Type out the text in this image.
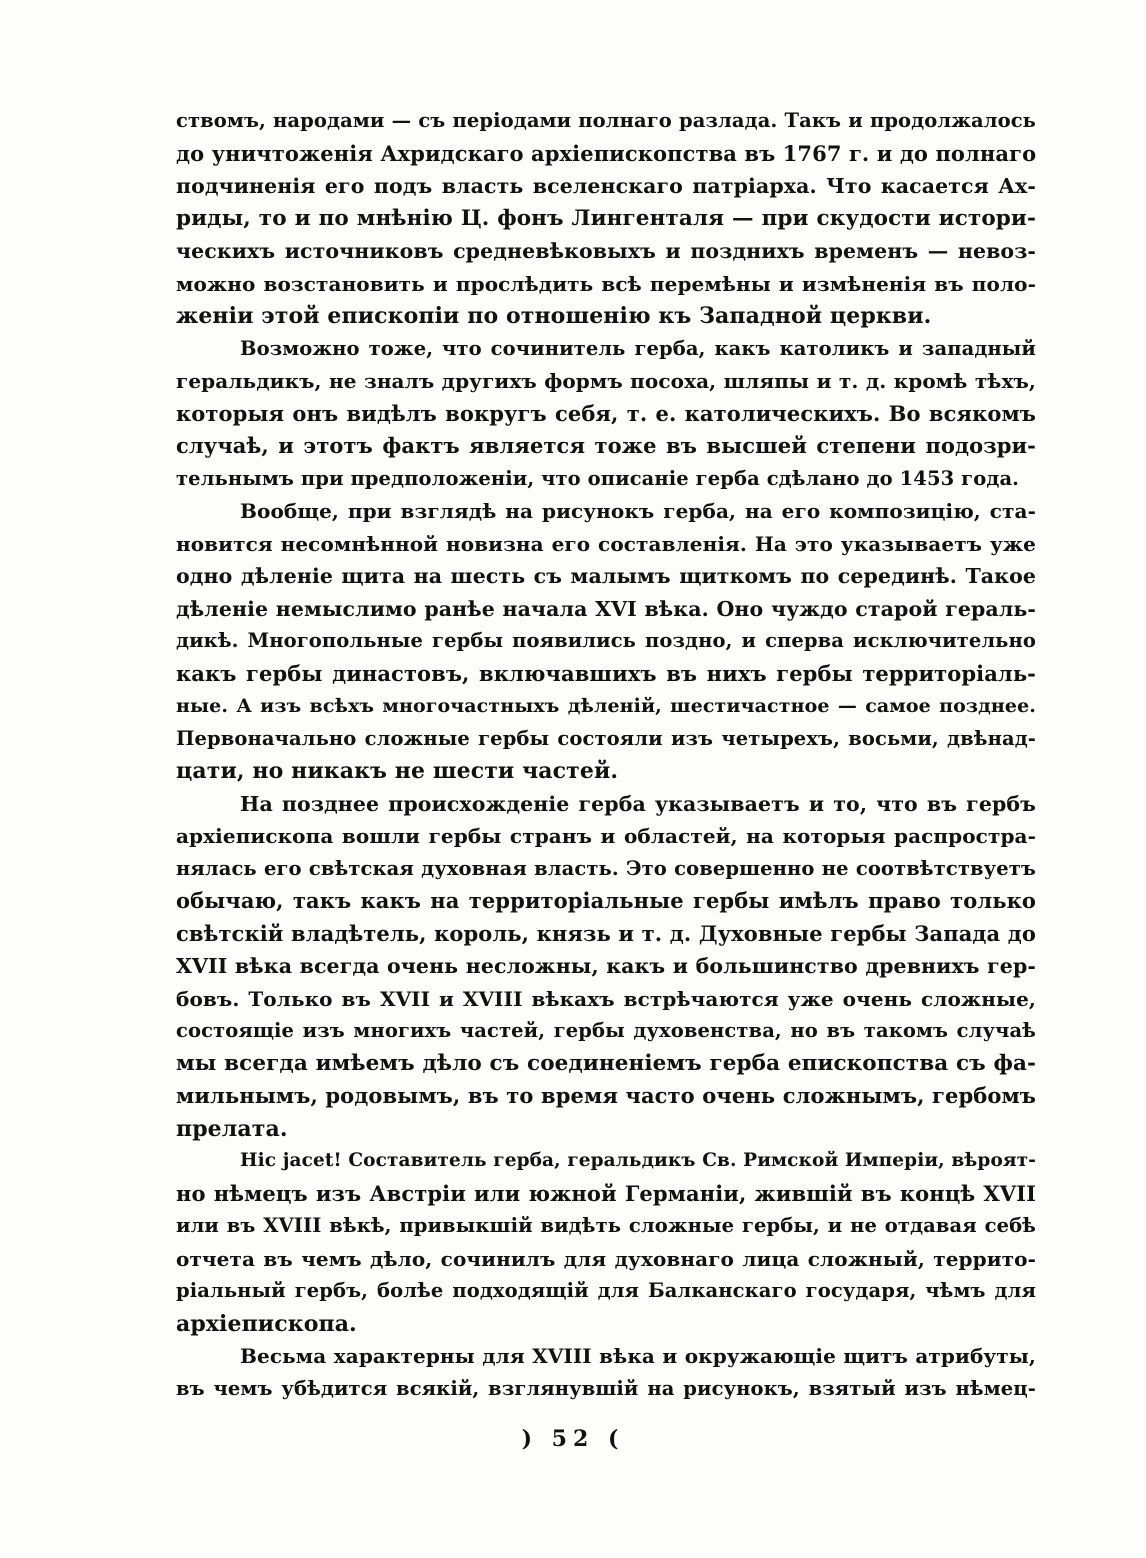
ствомъ, народами — съ періодами полнаго разлада. Такъ и продолжалось
до уничтоженія Ахридскаго архіепископства въ 1767 г. и до полнаго
подчиненія его подъ власть вселенскаго патріарха. Что касается Ах-
риды, то и по мнѣнію Ц. фонъ Лингенталя — при скудости истори-
ческихъ источниковъ средневѣковыхъ и позднихъ временъ — невоз-
можно возстановить и прослѣдить всѣ перемѣны и измѣненія въ поло-
женіи этой епископіи по отношенію къ Западной церкви.
Возможно тоже, что сочинитель герба, какъ католикъ и западный
геральдикъ, не зналъ другихъ формъ посоха, шляпы и т. д. кромѣ тѣхъ,
которыя онъ видѣлъ вокругъ себя, т. е. католическихъ. Во всякомъ
случаѣ, и этотъ фактъ является тоже въ высшей степени подозри-
тельнымъ при предположеніи, что описаніе герба сдѣлано до 1453 года.
Вообще, при взглядѣ на рисунокъ герба, на его композицію, ста-
новится несомнѣнной новизна его составленія. На это указываетъ уже
одно дѣленіе щита на шесть съ малымъ щиткомъ по серединѣ. Такое
дѣленіе немыслимо ранѣе начала XVI вѣка. Оно чуждо старой гераль-
дикѣ. Многопольные гербы появились поздно, и сперва исключительно
какъ гербы династовъ, включавшихъ въ нихъ гербы территоріаль-
ные. А изъ всѣхъ многочастныхъ дѣленій, шестичастное — самое позднее.
Первоначально сложные гербы состояли изъ четырехъ, восьми, двѣнад-
цати, но никакъ не шести частей.
На позднее происхожденіе герба указываетъ и то, что въ гербъ
архіепископа вошли гербы странъ и областей, на которыя распростра-
нялась его свѣтская духовная власть. Это совершенно не соотвѣтствуетъ
обычаю, такъ какъ на территоріальные гербы имѣлъ право только
свѣтскій владѣтель, король, князь и т. д. Духовные гербы Запада до
XVII вѣка всегда очень несложны, какъ и большинство древнихъ гер-
бовъ. Только въ XVII и XVIII вѣкахъ встрѣчаются уже очень сложные,
состоящіе изъ многихъ частей, гербы духовенства, но въ такомъ случаѣ
мы всегда имѣемъ дѣло съ соединеніемъ герба епископства съ фа-
мильнымъ, родовымъ, въ то время часто очень сложнымъ, гербомъ
прелата.
Hic jacet! Составитель герба, геральдикъ Св. Римской Имперіи, вѣроят-
но нѣмецъ изъ Австріи или южной Германіи, жившій въ концѣ XVII
или въ XVIII вѣкѣ, привыкшій видѣть сложные гербы, и не отдавая себѣ
отчета въ чемъ дѣло, сочинилъ для духовнаго лица сложный, террито-
ріальный гербъ, болѣе подходящій для Балканскаго государя, чѣмъ для
архіепископа.
Весьма характерны для XVIII вѣка и окружающіе щитъ атрибуты,
въ чемъ убѣдится всякій, взглянувшій на рисунокъ, взятый изъ нѣмец-
) 52 (
